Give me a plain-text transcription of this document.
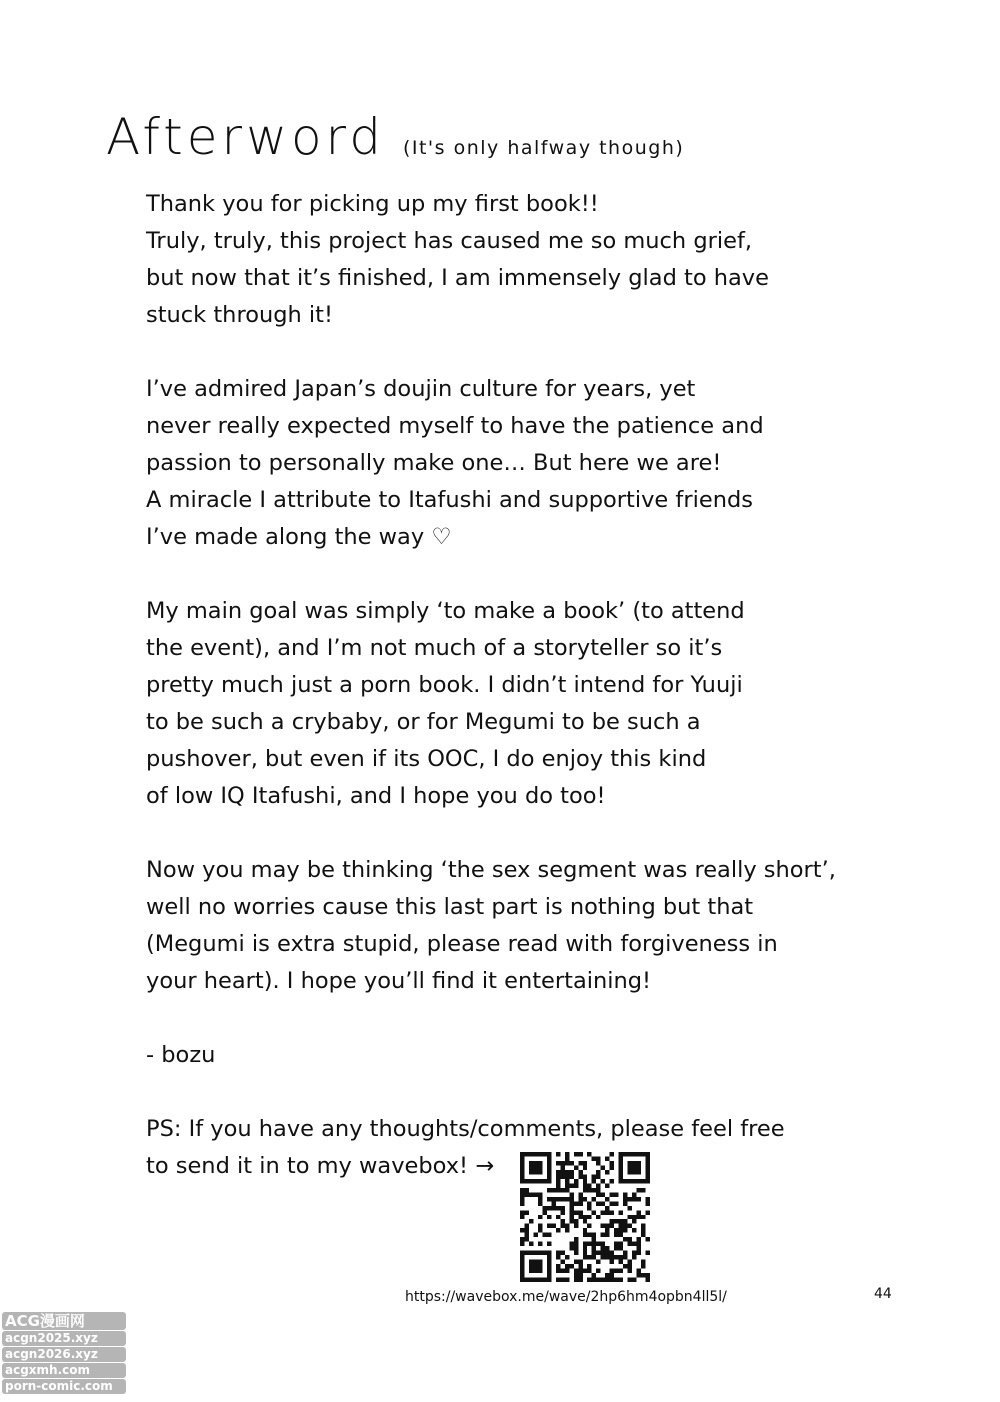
Afterword (It's only halfway though)
Thank you for picking up my first book!!
Truly, truly, this project has caused me so much grief,
but now that it’s finished, I am immensely glad to have
stuck through it!
I’ve admired Japan’s doujin culture for years, yet
never really expected myself to have the patience and
passion to personally make one… But here we are!
A miracle I attribute to Itafushi and supportive friends
I’ve made along the way ♡
My main goal was simply ‘to make a book’ (to attend
the event), and I’m not much of a storyteller so it’s
pretty much just a porn book. I didn’t intend for Yuuji
to be such a crybaby, or for Megumi to be such a
pushover, but even if its OOC, I do enjoy this kind
of low IQ Itafushi, and I hope you do too!
Now you may be thinking ‘the sex segment was really short’,
well no worries cause this last part is nothing but that
(Megumi is extra stupid, please read with forgiveness in
your heart). I hope you’ll find it entertaining!
- bozu
PS: If you have any thoughts/comments, please feel free
to send it in to my wavebox! →
https://wavebox.me/wave/2hp6hm4opbn4ll5l/	44
ACG漫画网
acgn2025.xyz
acgn2026.xyz
acgxmh.com
porn-comic.com
